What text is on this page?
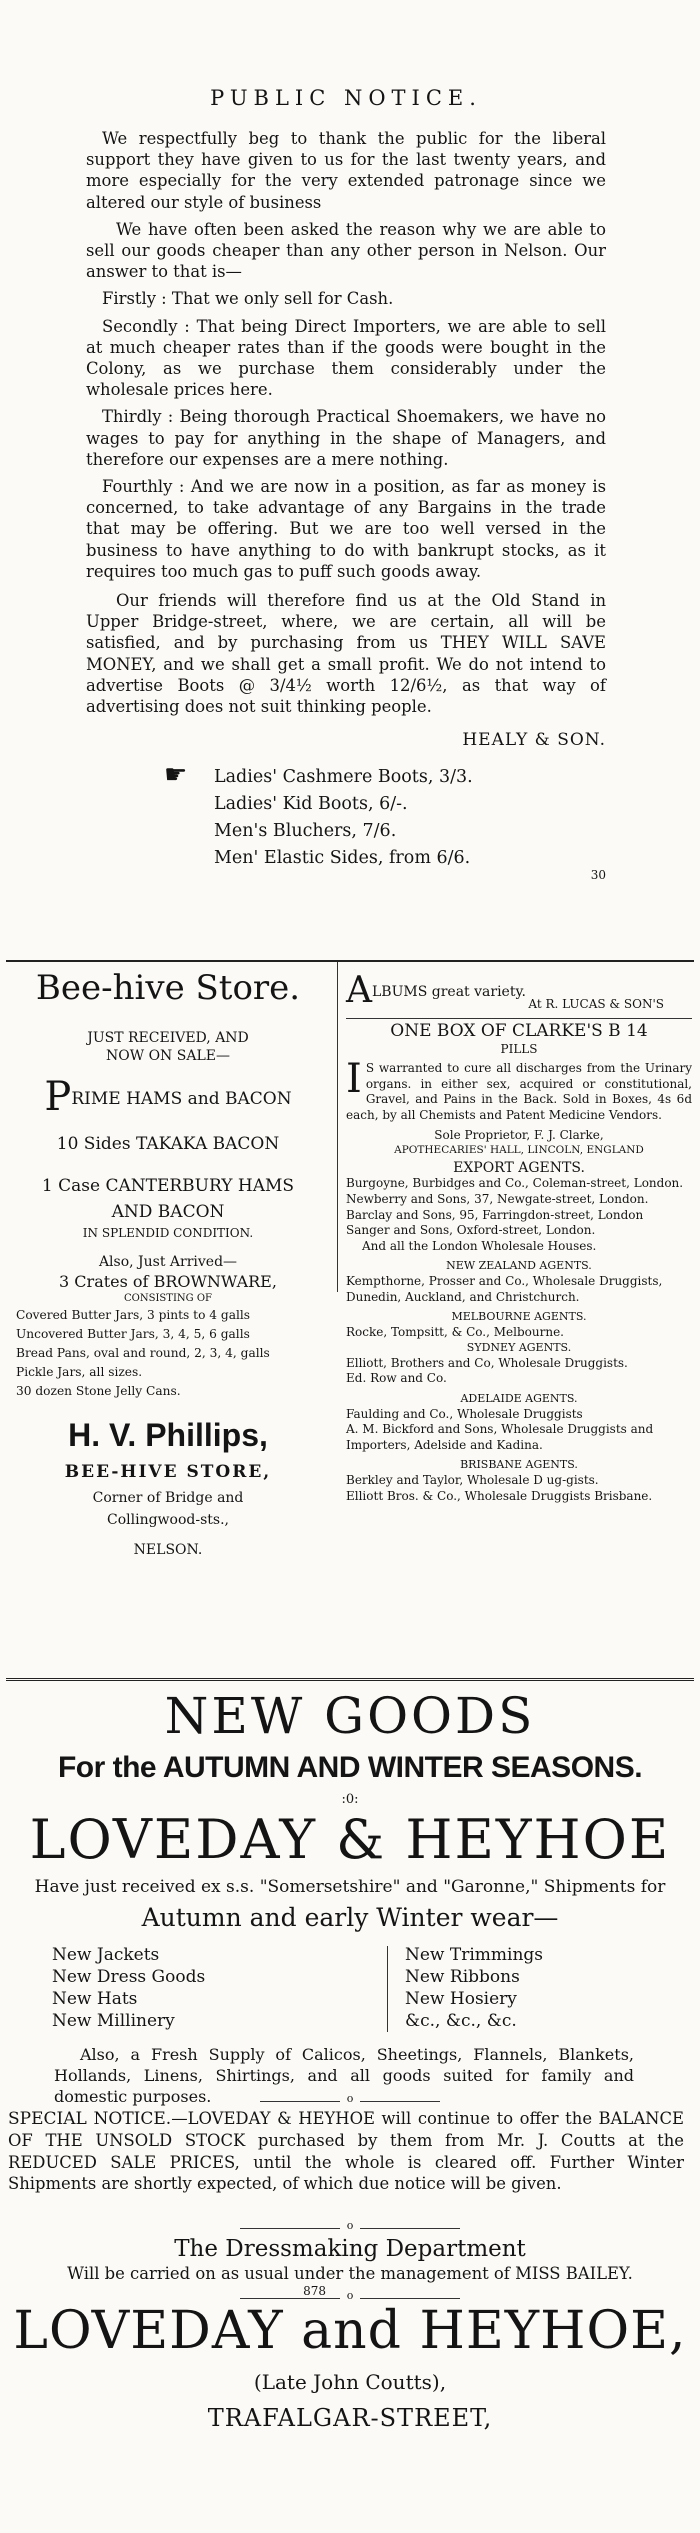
PUBLIC NOTICE.

We respectfully beg to thank the public for the liberal support they have given to us for the last twenty years, and more especially for the very extended patronage since we altered our style of business

We have often been asked the reason why we are able to sell our goods cheaper than any other person in Nelson. Our answer to that is—

Firstly : That we only sell for Cash.

Secondly : That being Direct Importers, we are able to sell at much cheaper rates than if the goods were bought in the Colony, as we purchase them considerably under the wholesale prices here.

Thirdly : Being thorough Practical Shoemakers, we have no wages to pay for anything in the shape of Managers, and therefore our expenses are a mere nothing.

Fourthly : And we are now in a position, as far as money is concerned, to take advantage of any Bargains in the trade that may be offering. But we are too well versed in the business to have anything to do with bankrupt stocks, as it requires too much gas to puff such goods away.

Our friends will therefore find us at the Old Stand in Upper Bridge-street, where, we are certain, all will be satisfied, and by purchasing from us THEY WILL SAVE MONEY, and we shall get a small profit. We do not intend to advertise Boots @ 3/4½ worth 12/6½, as that way of advertising does not suit thinking people.

HEALY & SON.
☛ Ladies' Cashmere Boots, 3/3.
Ladies' Kid Boots, 6/-.
Men's Bluchers, 7/6.
Men' Elastic Sides, from 6/6.
30
Bee-hive Store.
JUST RECEIVED, AND
NOW ON SALE—
PRIME HAMS and BACON
10 Sides TAKAKA BACON
1 Case CANTERBURY HAMS
AND BACON
IN SPLENDID CONDITION.
Also, Just Arrived—
3 Crates of BROWNWARE,
CONSISTING OF
Covered Butter Jars, 3 pints to 4 galls
Uncovered Butter Jars, 3, 4, 5, 6 galls
Bread Pans, oval and round, 2, 3, 4, galls
Pickle Jars, all sizes.
30 dozen Stone Jelly Cans.
H. V. Phillips,
BEE-HIVE STORE,
Corner of Bridge and
Collingwood-sts.,
NELSON.
878
ALBUMS great variety.
At R. LUCAS & SON'S
ONE BOX OF CLARKE'S B 14
PILLS
I S warranted to cure all discharges from the Urinary organs. in either sex, acquired or constitutional, Gravel, and Pains in the Back. Sold in Boxes, 4s 6d each, by all Chemists and Patent Medicine Vendors.
Sole Proprietor, F. J. Clarke,
APOTHECARIES' HALL, LINCOLN, ENGLAND
EXPORT AGENTS.
Burgoyne, Burbidges and Co., Coleman-street, London.
Newberry and Sons, 37, Newgate-street, London.
Barclay and Sons, 95, Farringdon-street, London
Sanger and Sons, Oxford-street, London.
And all the London Wholesale Houses.
NEW ZEALAND AGENTS.
Kempthorne, Prosser and Co., Wholesale Druggists, Dunedin, Auckland, and Christchurch.
MELBOURNE AGENTS.
Rocke, Tompsitt, & Co., Melbourne.
SYDNEY AGENTS.
Elliott, Brothers and Co, Wholesale Druggists.
Ed. Row and Co.
ADELAIDE AGENTS.
Faulding and Co., Wholesale Druggists
A. M. Bickford and Sons, Wholesale Druggists and Importers, Adelside and Kadina.
BRISBANE AGENTS.
Berkley and Taylor, Wholesale D ug-gists.
Elliott Bros. & Co., Wholesale Druggists Brisbane.
NEW GOODS
For the AUTUMN AND WINTER SEASONS.
:0:
LOVEDAY & HEYHOE
Have just received ex s.s. "Somersetshire" and "Garonne," Shipments for
Autumn and early Winter wear—
New Jackets
New Dress Goods
New Hats
New Millinery
New Trimmings
New Ribbons
New Hosiery
&c., &c., &c.
Also, a Fresh Supply of Calicos, Sheetings, Flannels, Blankets, Hollands, Linens, Shirtings, and all goods suited for family and domestic purposes.	o
SPECIAL NOTICE.—LOVEDAY & HEYHOE will continue to offer the BALANCE OF THE UNSOLD STOCK purchased by them from Mr. J. Coutts at the REDUCED SALE PRICES, until the whole is cleared off. Further Winter Shipments are shortly expected, of which due notice will be given.
o
The Dressmaking Department
Will be carried on as usual under the management of MISS BAILEY.
o
LOVEDAY and HEYHOE,
(Late John Coutts),
TRAFALGAR-STREET,
